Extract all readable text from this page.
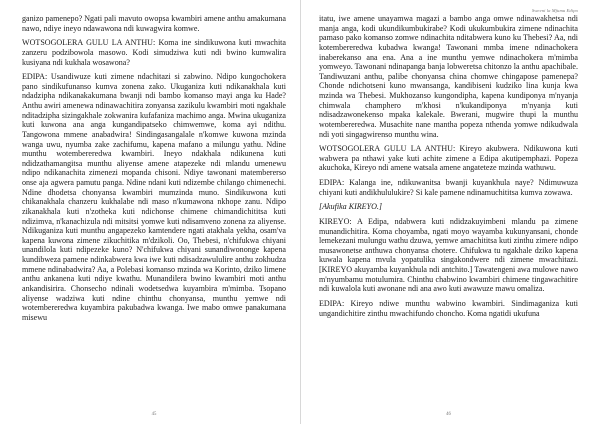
ganizo pamenepo? Ngati pali mavuto owopsa kwambiri amene anthu amakumana nawo, ndiye ineyo ndawawona ndi kuwagwira komwe.

WOTSOGOLERA GULU LA ANTHU: Koma ine sindikuwona kuti mwachita zanzeru podzibowola masowo. Kodi simudziwa kuti ndi bwino kumwalira kusiyana ndi kukhala wosawona?

EDIPA: Usandiwuze kuti zimene ndachitazi si zabwino. Ndipo kungochokera pano sindikufunanso kumva zonena zako. Ukuganiza kuti ndikanakhala kuti ndadzipha ndikanakakumana bwanji ndi bambo komanso mayi anga ku Hade? Anthu awiri amenewa ndinawachitira zonyansa zazikulu kwambiri moti ngakhale nditadzipha sizingakhale zokwanira kufafaniza machimo anga. Mwina ukuganiza kuti kuwona ana anga kungandipatseko chimwemwe, koma ayi ndithu. Tangowona mmene anabadwira! Sindingasangalale n'komwe kuwona mzinda wanga uwu, nyumba zake zachifumu, kapena mafano a milungu yathu. Ndine munthu wotembereredwa kwambiri. Ineyo ndakhala ndikunena kuti ndidzathamangitsa munthu aliyense amene atapezeke ndi mlandu umenewu ndipo ndikanachita zimenezi mopanda chisoni. Ndiye tawonani matembererso onse aja agwera pamutu panga. Ndine ndani kuti ndizembe chilango chimenechi. Ndine dhodetsa chonyansa kwambiri mumzinda muno. Sindikuwona kuti chikanakhala chanzeru kukhalabe ndi maso n'kumawona nkhope zanu. Ndipo zikanakhala kuti n'zotheka kuti ndichonse chimene chimandichititsa kuti ndizimva, n'kanachizula ndi mitsitsi yomwe kuti ndisamveno zonena za aliyense. Ndikuganiza kuti munthu angapezeko kamtendere ngati atakhala yekha, osam'va kapena kuwona zimene zikuchitika m'dzikoli. Oo, Thebesi, n'chifukwa chiyani unandilola kuti ndipezeke kuno? N'chifukwa chiyani sunandiwononge kapena kundibweza pamene ndinkabwera kwa iwe kuti ndisadzawululire anthu zokhudza mmene ndinabadwira? Aa, a Polebasi komanso mzinda wa Korinto, dziko limene anthu ankanena kuti ndiye kwathu. Munandilera bwino kwambiri moti anthu ankandisirira. Chonsecho ndinali wodetsedwa kuyambira m'mimba. Tsopano aliyense wadziwa kuti ndine chinthu chonyansa, munthu yemwe ndi wotembereredwa kuyambira pakubadwa kwanga. Iwe mabo omwe panakumana misewu

45
Sweeni la Mfumu Edipo

itatu, iwe amene unayamwa magazi a bambo anga omwe ndinawakhetsa ndi manja anga, kodi ukundikumbukirabe? Kodi ukukumbukira zimene ndinachita pamaso pako komanso zomwe ndinachita nditabwera kuno ku Thebesi? Aa, ndi kotembereredwa kubadwa kwanga! Tawonani mmba imene ndinachokera inaberekanso ana ena. Ana a ine munthu yemwe ndinachokera m'mimba yomweyo. Tawonani ndinapanga banja lobweretsa chitonzo la anthu apachibale. Tandiwuzani anthu, palibe chonyansa china chomwe chingapose pamenepa? Chonde ndichotseni kuno mwansanga, kandibiseni kudziko lina kunja kwa mzinda wa Thebesi. Mukhozanso kungondipha, kapena kundiponya m'nyanja chimwala champhero m'khosi n'kukandiponya m'nyanja kuti ndisadzawonekenso mpaka kalekale. Bwerani, mugwire thupi la munthu wotembereredwa. Musachite nane mantha popeza nthenda yomwe ndikudwala ndi yoti singagwirenso munthu wina.

WOTSOGOLERA GULU LA ANTHU: Kireyo akubwera. Ndikuwona kuti wabwera pa nthawi yake kuti achite zimene a Edipa akutipemphazi. Popeza akuchoka, Kireyo ndi amene watsala amene angateteze mzinda wathuwu.

EDIPA: Kalanga ine, ndikuwanitsa bwanji kuyankhula naye? Ndimuwuza chiyani kuti andikhululukire? Si kale pamene ndinamuchititsa kumva zowawa.

[Akufika KIREYO.]

KIREYO: A Edipa, ndabwera kuti ndidzakuyimbeni mlandu pa zimene munandichitira. Koma choyamba, ngati moyo wayamba kukunyansani, chonde lemekezani mulungu wathu dzuwa, yemwe amachititsa kuti zinthu zimere ndipo musawonetse anthuwa chonyansa chotere. Chifukwa tu ngakhale dziko kapena kuwala kapena mvula yopatulika singakondwere ndi zimene mwachitazi. [KIREYO akuyamba kuyankhula ndi antchito.] Tawatengeni awa mulowe nawo m'nyumbamu motulumira. Chinthu chabwino kwambiri chimene tingawachitire ndi kuwalola kuti awonane ndi ana awo kuti awawuze mawu omaliza.

EDIPA: Kireyo ndiwe munthu wabwino kwambiri. Sindimaganiza kuti ungandichitire zinthu mwachifundo choncho. Koma ngatidi ukufuna

46
